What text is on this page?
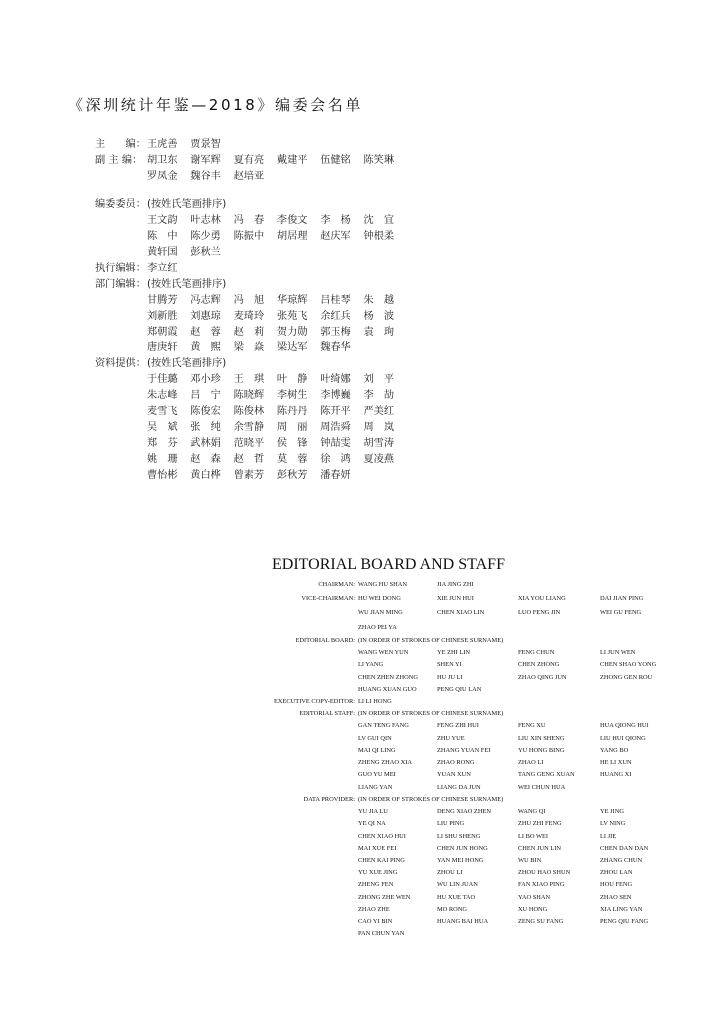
《深圳统计年鉴—2018》编委会名单
主　　编： 王虎善	贾景智
副 主 编： 胡卫东	谢军辉	夏有亮	戴建平	伍健铭	陈笑琳
罗凤金	魏谷丰	赵培亚
编委委员： (按姓氏笔画排序)
王文韵	叶志林	冯　春	李俊文	李　杨	沈　宜
陈　中	陈少勇	陈振中	胡居理	赵庆军	钟根柔
黄轩国	彭秋兰
执行编辑： 李立红
部门编辑： (按姓氏笔画排序)
甘腾芳	冯志辉	冯　旭	华琼辉	吕桂琴	朱　越
刘新胜	刘惠琼	麦琦玲	张苑飞	余红兵	杨　波
郑朝霞	赵　蓉	赵　莉	贺力勋	郭玉梅	袁　珣
唐庚轩	黄　熙	梁　焱	梁达军	魏春华
资料提供： (按姓氏笔画排序)
于佳璐	邓小珍	王　琪	叶　静	叶绮娜	刘　平
朱志峰	吕　宁	陈晓辉	李树生	李博巍	李　劼
麦雪飞	陈俊宏	陈俊林	陈丹丹	陈开平	严美红
吴　斌	张　纯	余雪静	周　丽	周浩舜	周　岚
郑　芬	武林娟	范晓平	侯　锋	钟喆雯	胡雪涛
姚　珊	赵　森	赵　哲	莫　蓉	徐　鸿	夏凌燕
曹怡彬	黄白桦	曾素芳	彭秋芳	潘春妍
EDITORIAL BOARD AND STAFF
CHAIRMAN: WANG HU SHAN	JIA JING ZHI
VICE-CHAIRMAN: HU WEI DONG	XIE JUN HUI	XIA YOU LIANG	DAI JIAN PING
WU JIAN MING	CHEN XIAO LIN	LUO FENG JIN	WEI GU FENG
ZHAO PEI YA
EDITORIAL BOARD: (IN ORDER OF STROKES OF CHINESE SURNAME)
WANG WEN YUN	YE ZHI LIN	FENG CHUN	LI JUN WEN
LI YANG	SHEN YI	CHEN ZHONG	CHEN SHAO YONG
CHEN ZHEN ZHONG	HU JU LI	ZHAO QING JUN	ZHONG GEN ROU
HUANG XUAN GUO	PENG QIU LAN
EXECUTIVE COPY-EDITOR: LI LI HONG
EDITORIAL STAFF: (IN ORDER OF STROKES OF CHINESE SURNAME)
GAN TENG FANG	FENG ZHI HUI	FENG XU	HUA QIONG HUI
LV GUI QIN	ZHU YUE	LIU XIN SHENG	LIU HUI QIONG
MAI QI LING	ZHANG YUAN FEI	YU HONG BING	YANG BO
ZHENG ZHAO XIA	ZHAO RONG	ZHAO LI	HE LI XUN
GUO YU MEI	YUAN XUN	TANG GENG XUAN	HUANG XI
LIANG YAN	LIANG DA JUN	WEI CHUN HUA
DATA PROVIDER: (IN ORDER OF STROKES OF CHINESE SURNAME)
YU JIA LU	DENG XIAO ZHEN	WANG QI	YE JING
YE QI NA	LIU PING	ZHU ZHI FENG	LV NING
CHEN XIAO HUI	LI SHU SHENG	LI BO WEI	LI JIE
MAI XUE FEI	CHEN JUN HONG	CHEN JUN LIN	CHEN DAN DAN
CHEN KAI PING	YAN MEI HONG	WU BIN	ZHANG CHUN
YU XUE JING	ZHOU LI	ZHOU HAO SHUN	ZHOU LAN
ZHENG FEN	WU LIN JUAN	FAN XIAO PING	HOU FENG
ZHONG ZHE WEN	HU XUE TAO	YAO SHAN	ZHAO SEN
ZHAO ZHE	MO RONG	XU HONG	XIA LING YAN
CAO YI BIN	HUANG BAI HUA	ZENG SU FANG	PENG QIU FANG
PAN CHUN YAN
